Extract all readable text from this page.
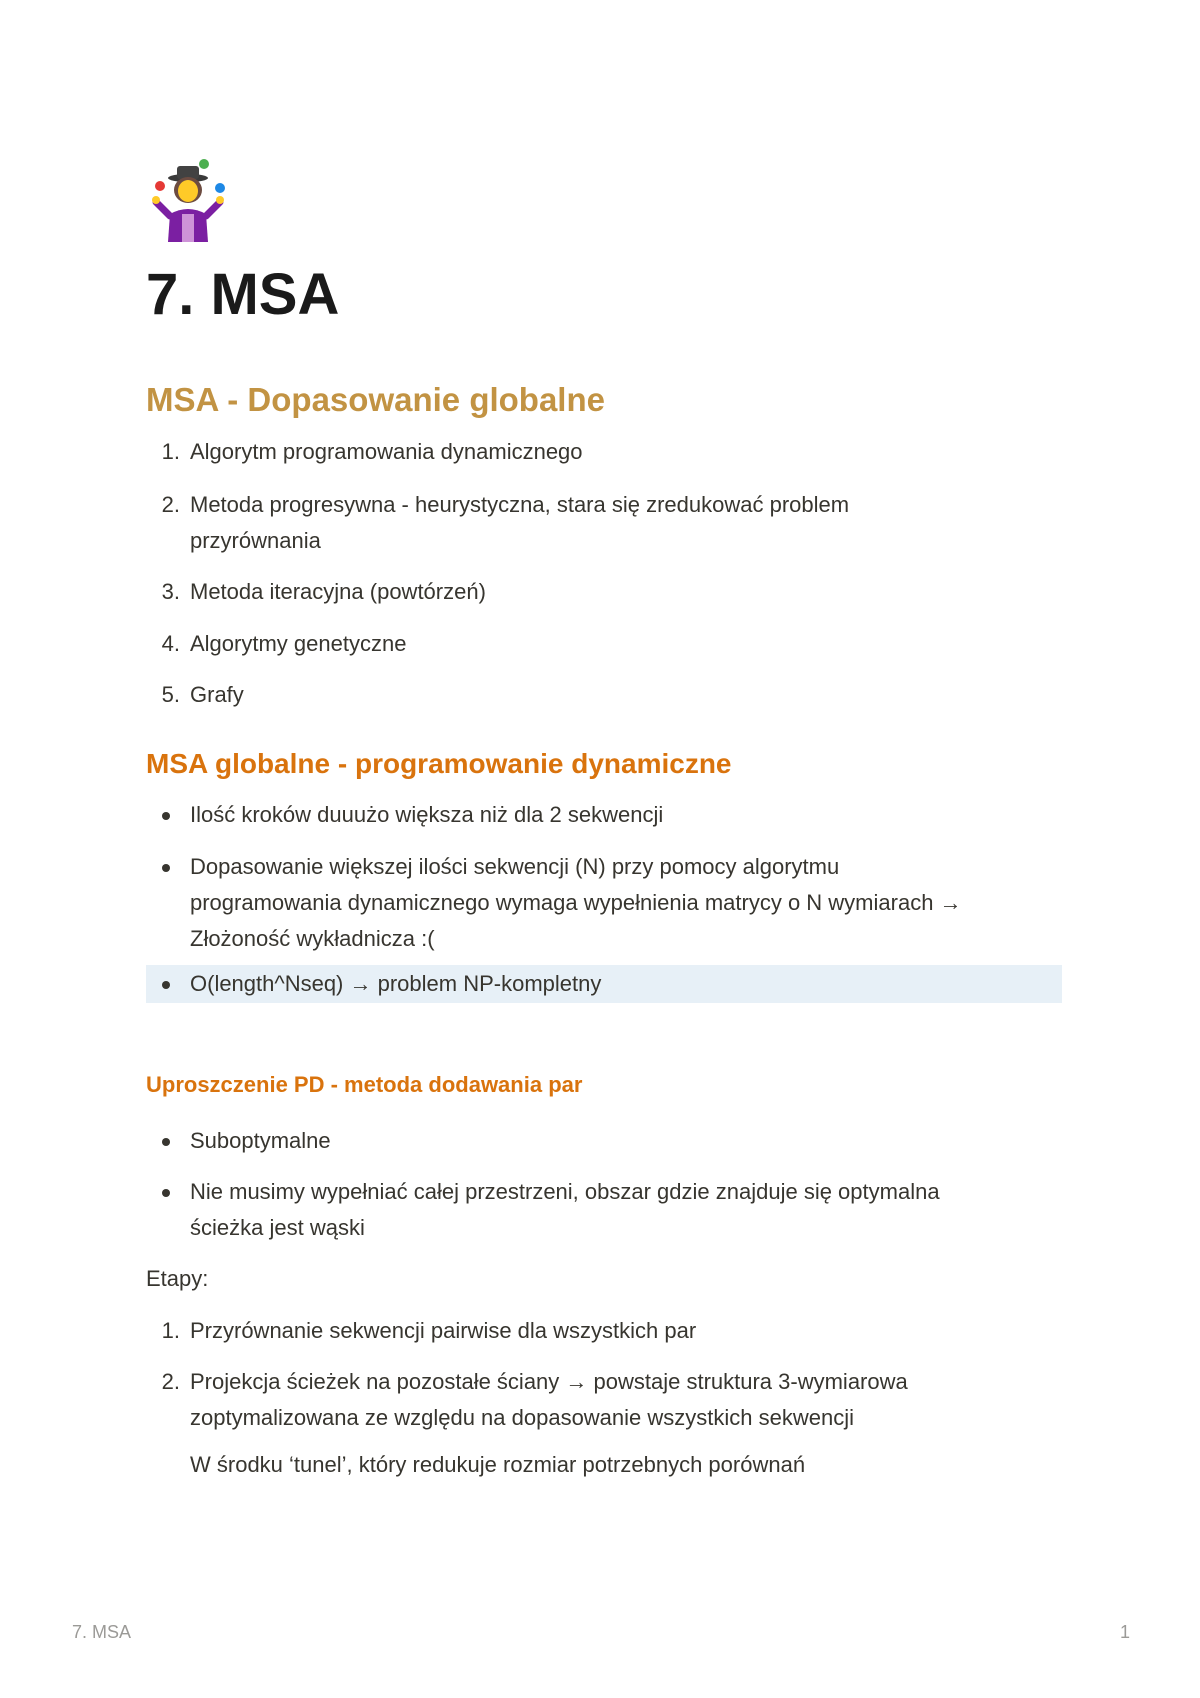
7. MSA
MSA - Dopasowanie globalne
1. Algorytm programowania dynamicznego
2. Metoda progresywna - heurystyczna, stara się zredukować problem
przyrównania
3. Metoda iteracyjna (powtórzeń)
4. Algorytmy genetyczne
5. Grafy
MSA globalne - programowanie dynamiczne
Ilość kroków duuużo większa niż dla 2 sekwencji
Dopasowanie większej ilości sekwencji (N) przy pomocy algorytmu
programowania dynamicznego wymaga wypełnienia matrycy o N wymiarach →
Złożoność wykładnicza :(
O(length^Nseq) → problem NP-kompletny
Uproszczenie PD - metoda dodawania par
Suboptymalne
Nie musimy wypełniać całej przestrzeni, obszar gdzie znajduje się optymalna
ścieżka jest wąski
Etapy:
1. Przyrównanie sekwencji pairwise dla wszystkich par
2. Projekcja ścieżek na pozostałe ściany → powstaje struktura 3-wymiarowa
zoptymalizowana ze względu na dopasowanie wszystkich sekwencji
W środku ‘tunel’, który redukuje rozmiar potrzebnych porównań
7. MSA	1
